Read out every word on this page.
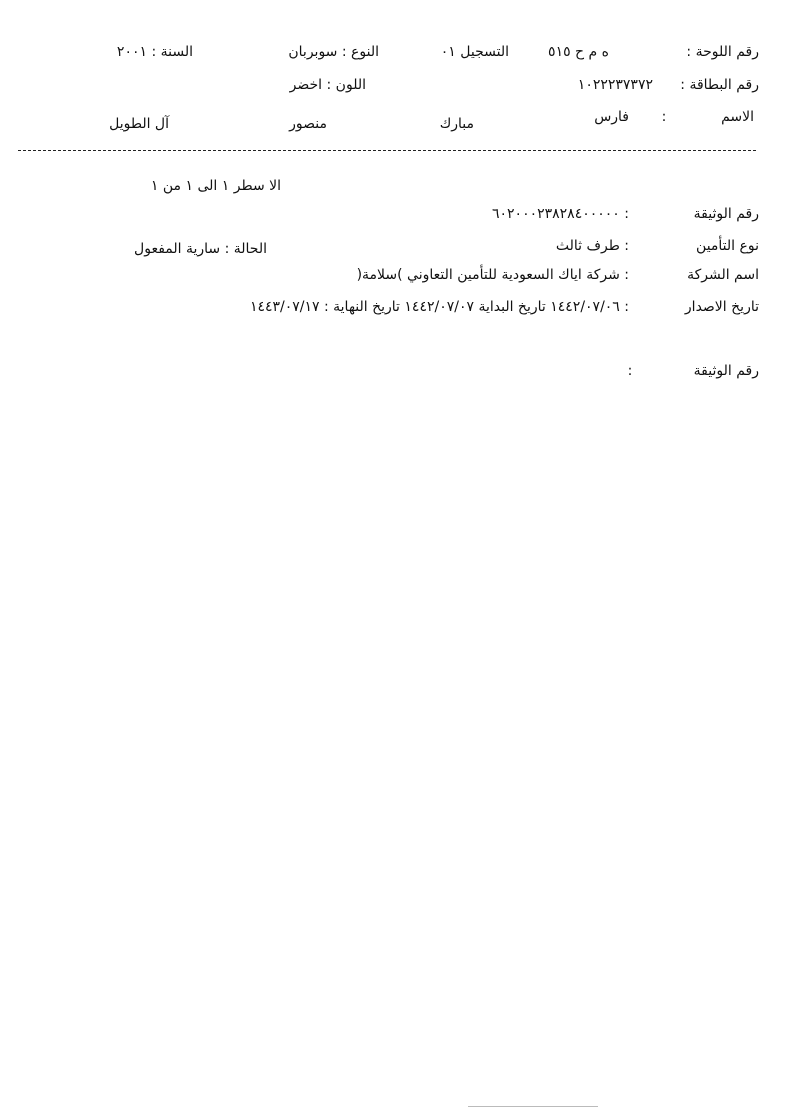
رقم اللوحة :
ه م ح ٥١٥
التسجيل ٠١
النوع : سوبربان
السنة : ٢٠٠١
رقم البطاقة :
١٠٢٢٢٣٧٣٧٢
اللون : اخضر
الاسم
:
فارس
مبارك
منصور
آل الطويل
الا سطر ١ الى ١ من ١
رقم الوثيقة
: ٦٠٢٠٠٠٢٣٨٢٨٤٠٠٠٠٠
نوع التأمين
: طرف ثالث
الحالة : سارية المفعول
اسم الشركة
: شركة اياك السعودية للتأمين التعاوني )سلامة(
تاريخ الاصدار
: ١٤٤٢/٠٧/٠٦ تاريخ البداية ١٤٤٢/٠٧/٠٧ تاريخ النهاية : ١٤٤٣/٠٧/١٧
رقم الوثيقة
:
